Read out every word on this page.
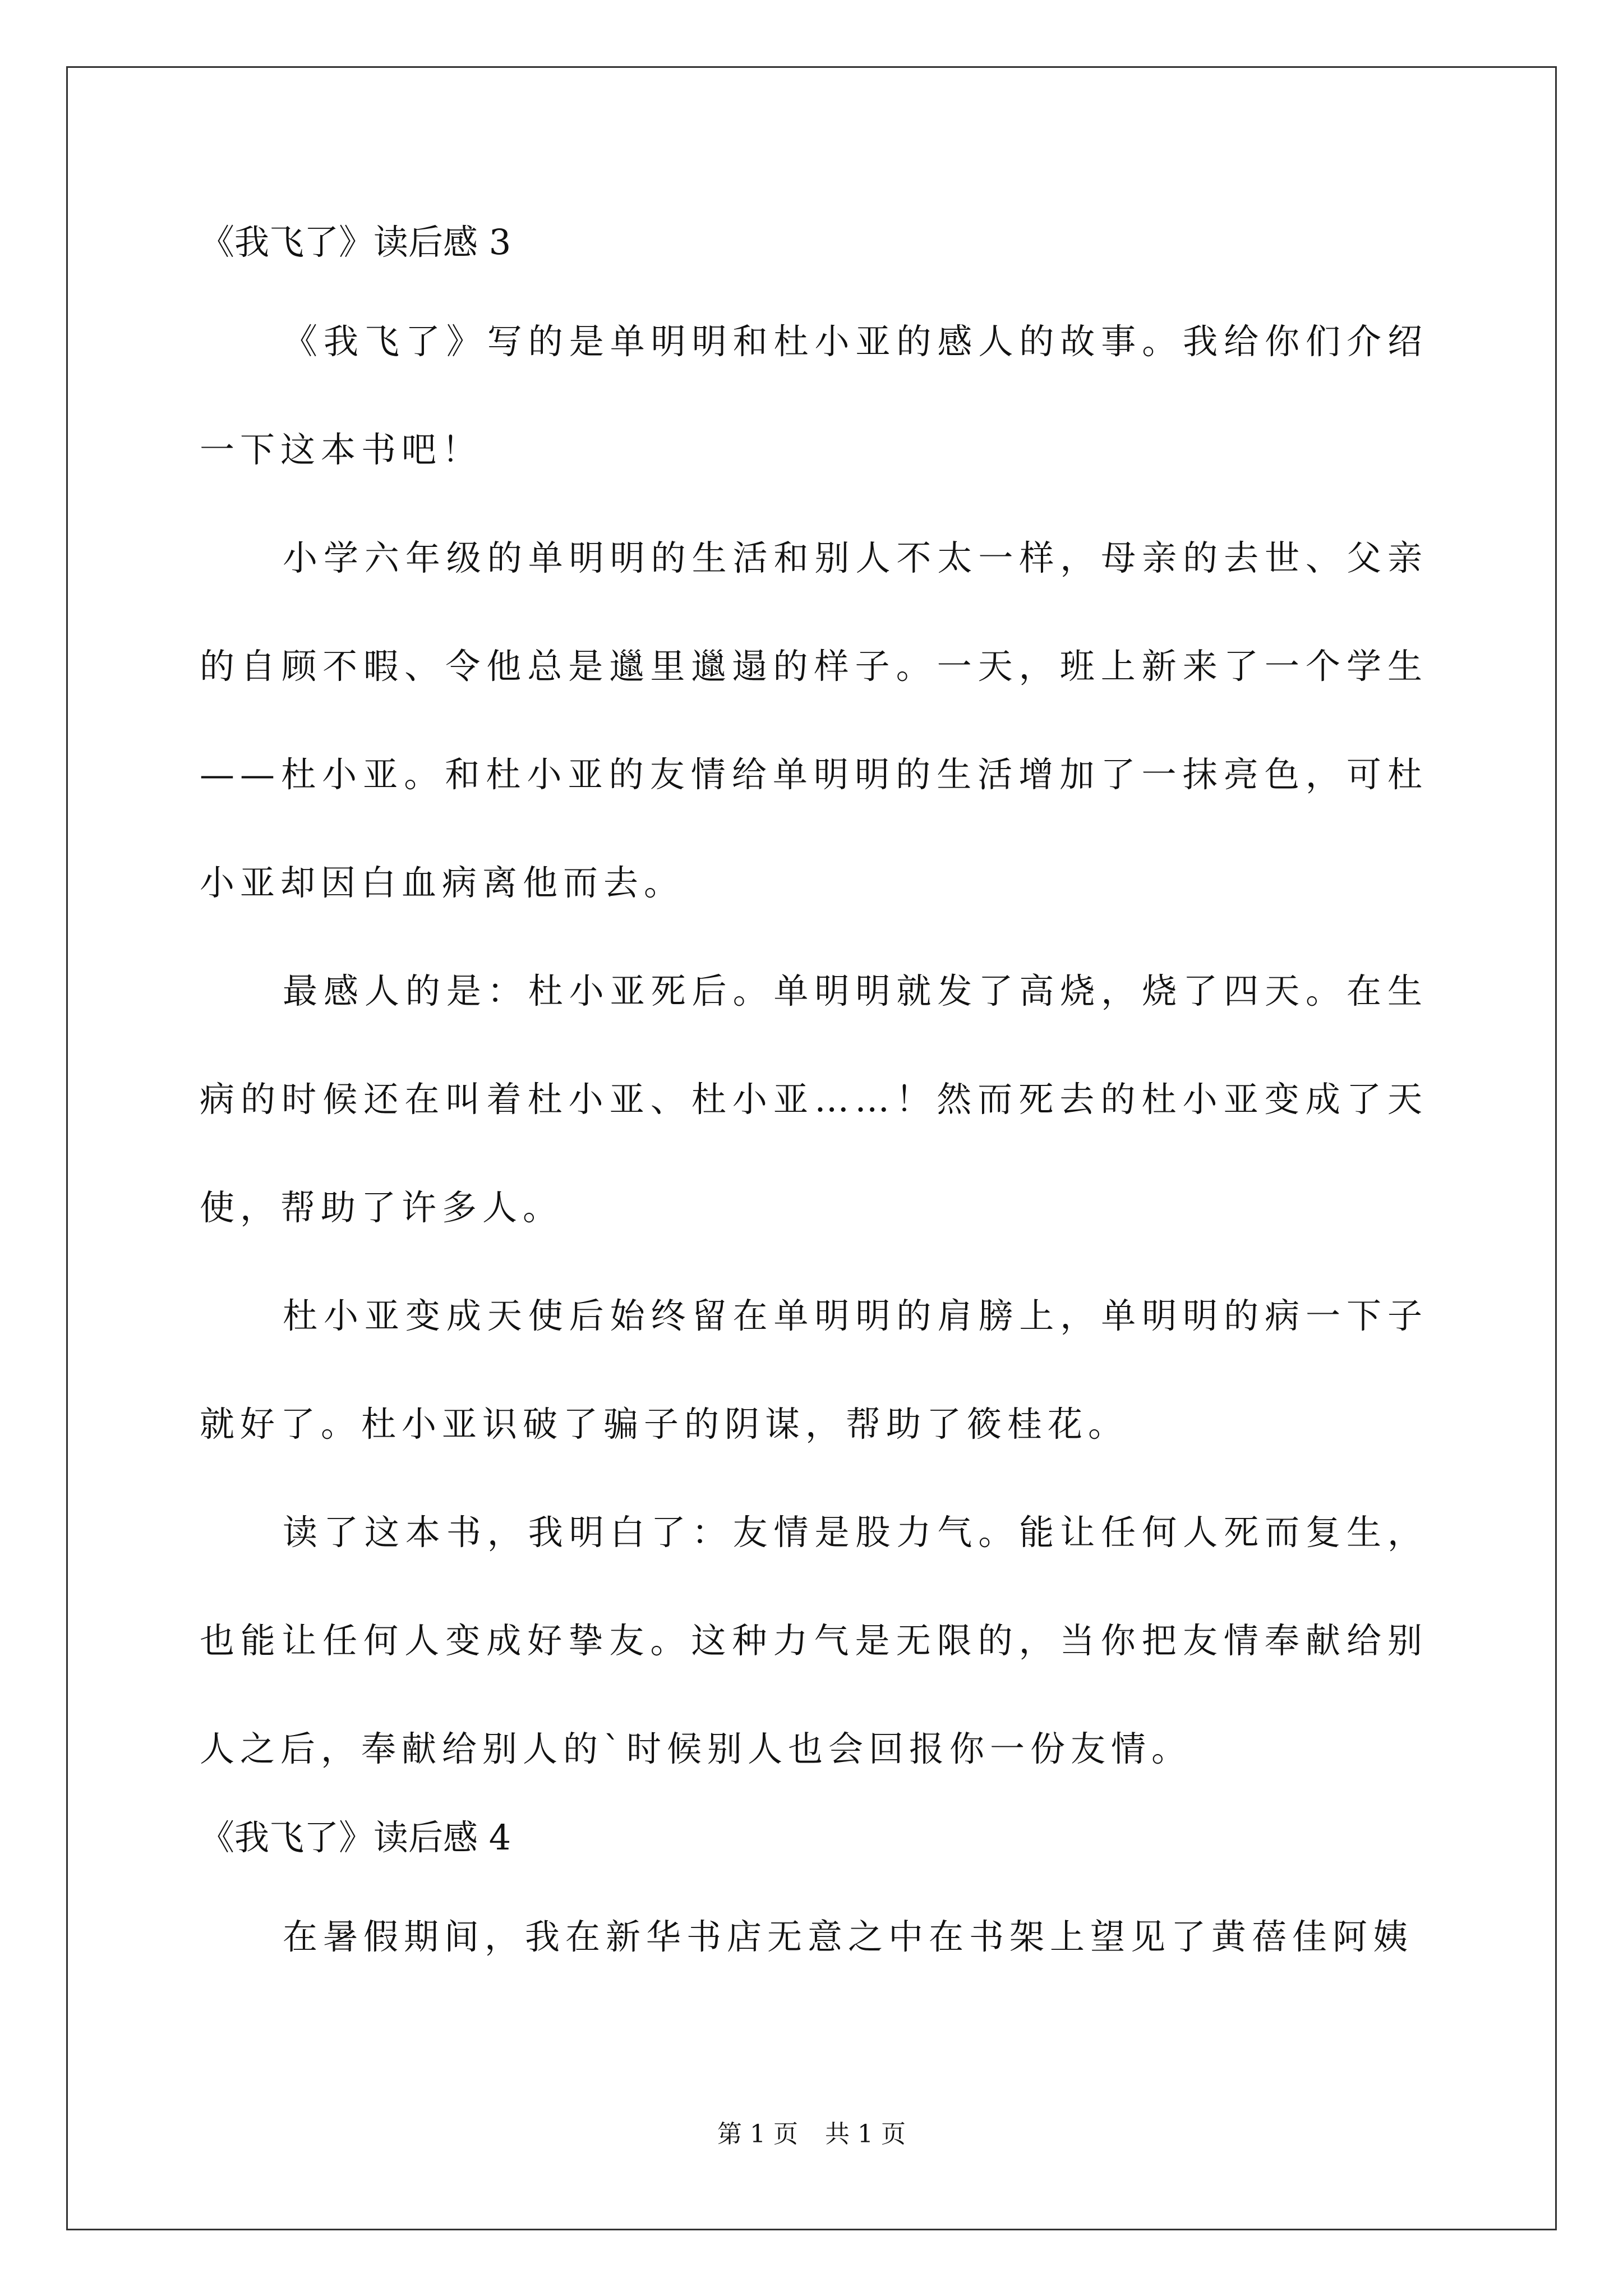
《我飞了》读后感 3

《我飞了》写的是单明明和杜小亚的感人的故事。我给你们介绍一下这本书吧！

小学六年级的单明明的生活和别人不太一样，母亲的去世、父亲的自顾不暇、令他总是邋里邋遢的样子。一天，班上新来了一个学生——杜小亚。和杜小亚的友情给单明明的生活增加了一抹亮色，可杜小亚却因白血病离他而去。

最感人的是：杜小亚死后。单明明就发了高烧，烧了四天。在生病的时候还在叫着杜小亚、杜小亚……！然而死去的杜小亚变成了天使，帮助了许多人。

杜小亚变成天使后始终留在单明明的肩膀上，单明明的病一下子就好了。杜小亚识破了骗子的阴谋，帮助了筱桂花。

读了这本书，我明白了：友情是股力气。能让任何人死而复生，也能让任何人变成好挚友。这种力气是无限的，当你把友情奉献给别人之后，奉献给别人的`时候别人也会回报你一份友情。

《我飞了》读后感 4

在暑假期间，我在新华书店无意之中在书架上望见了黄蓓佳阿姨

第 1 页 共 1 页
